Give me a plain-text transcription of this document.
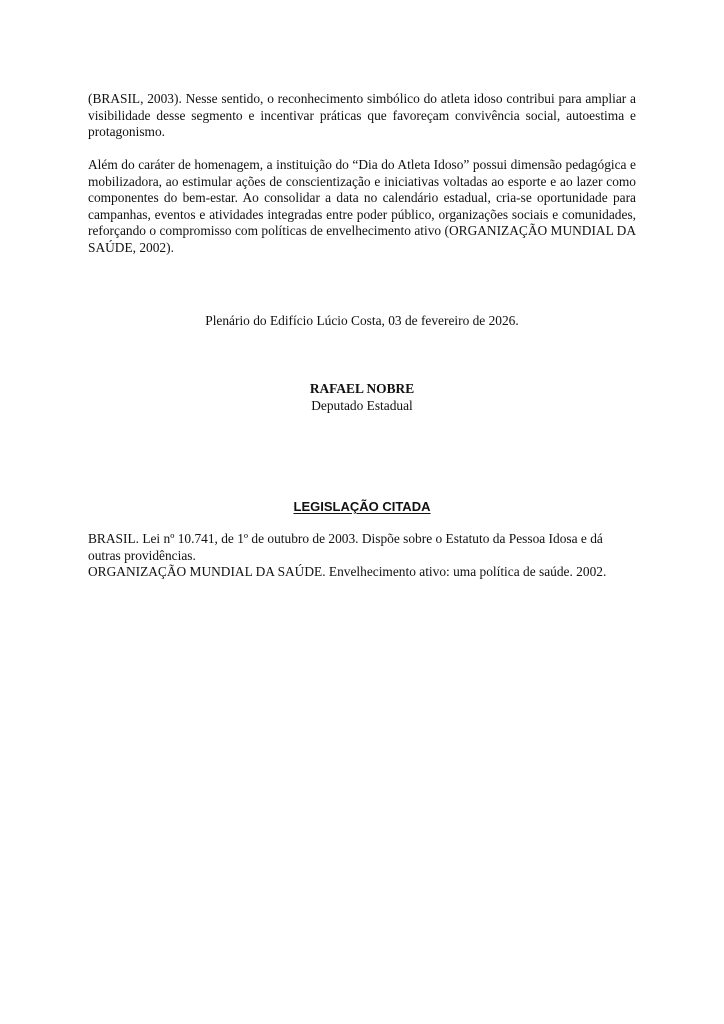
(BRASIL, 2003). Nesse sentido, o reconhecimento simbólico do atleta idoso contribui para ampliar a visibilidade desse segmento e incentivar práticas que favoreçam convivência social, autoestima e protagonismo.

Além do caráter de homenagem, a instituição do “Dia do Atleta Idoso” possui dimensão pedagógica e mobilizadora, ao estimular ações de conscientização e iniciativas voltadas ao esporte e ao lazer como componentes do bem-estar. Ao consolidar a data no calendário estadual, cria-se oportunidade para campanhas, eventos e atividades integradas entre poder público, organizações sociais e comunidades, reforçando o compromisso com políticas de envelhecimento ativo (ORGANIZAÇÃO MUNDIAL DA SAÚDE, 2002).

Plenário do Edifício Lúcio Costa, 03 de fevereiro de 2026.
RAFAEL NOBRE
Deputado Estadual
LEGISLAÇÃO CITADA

BRASIL. Lei nº 10.741, de 1º de outubro de 2003. Dispõe sobre o Estatuto da Pessoa Idosa e dá outras providências.

ORGANIZAÇÃO MUNDIAL DA SAÚDE. Envelhecimento ativo: uma política de saúde. 2002.
